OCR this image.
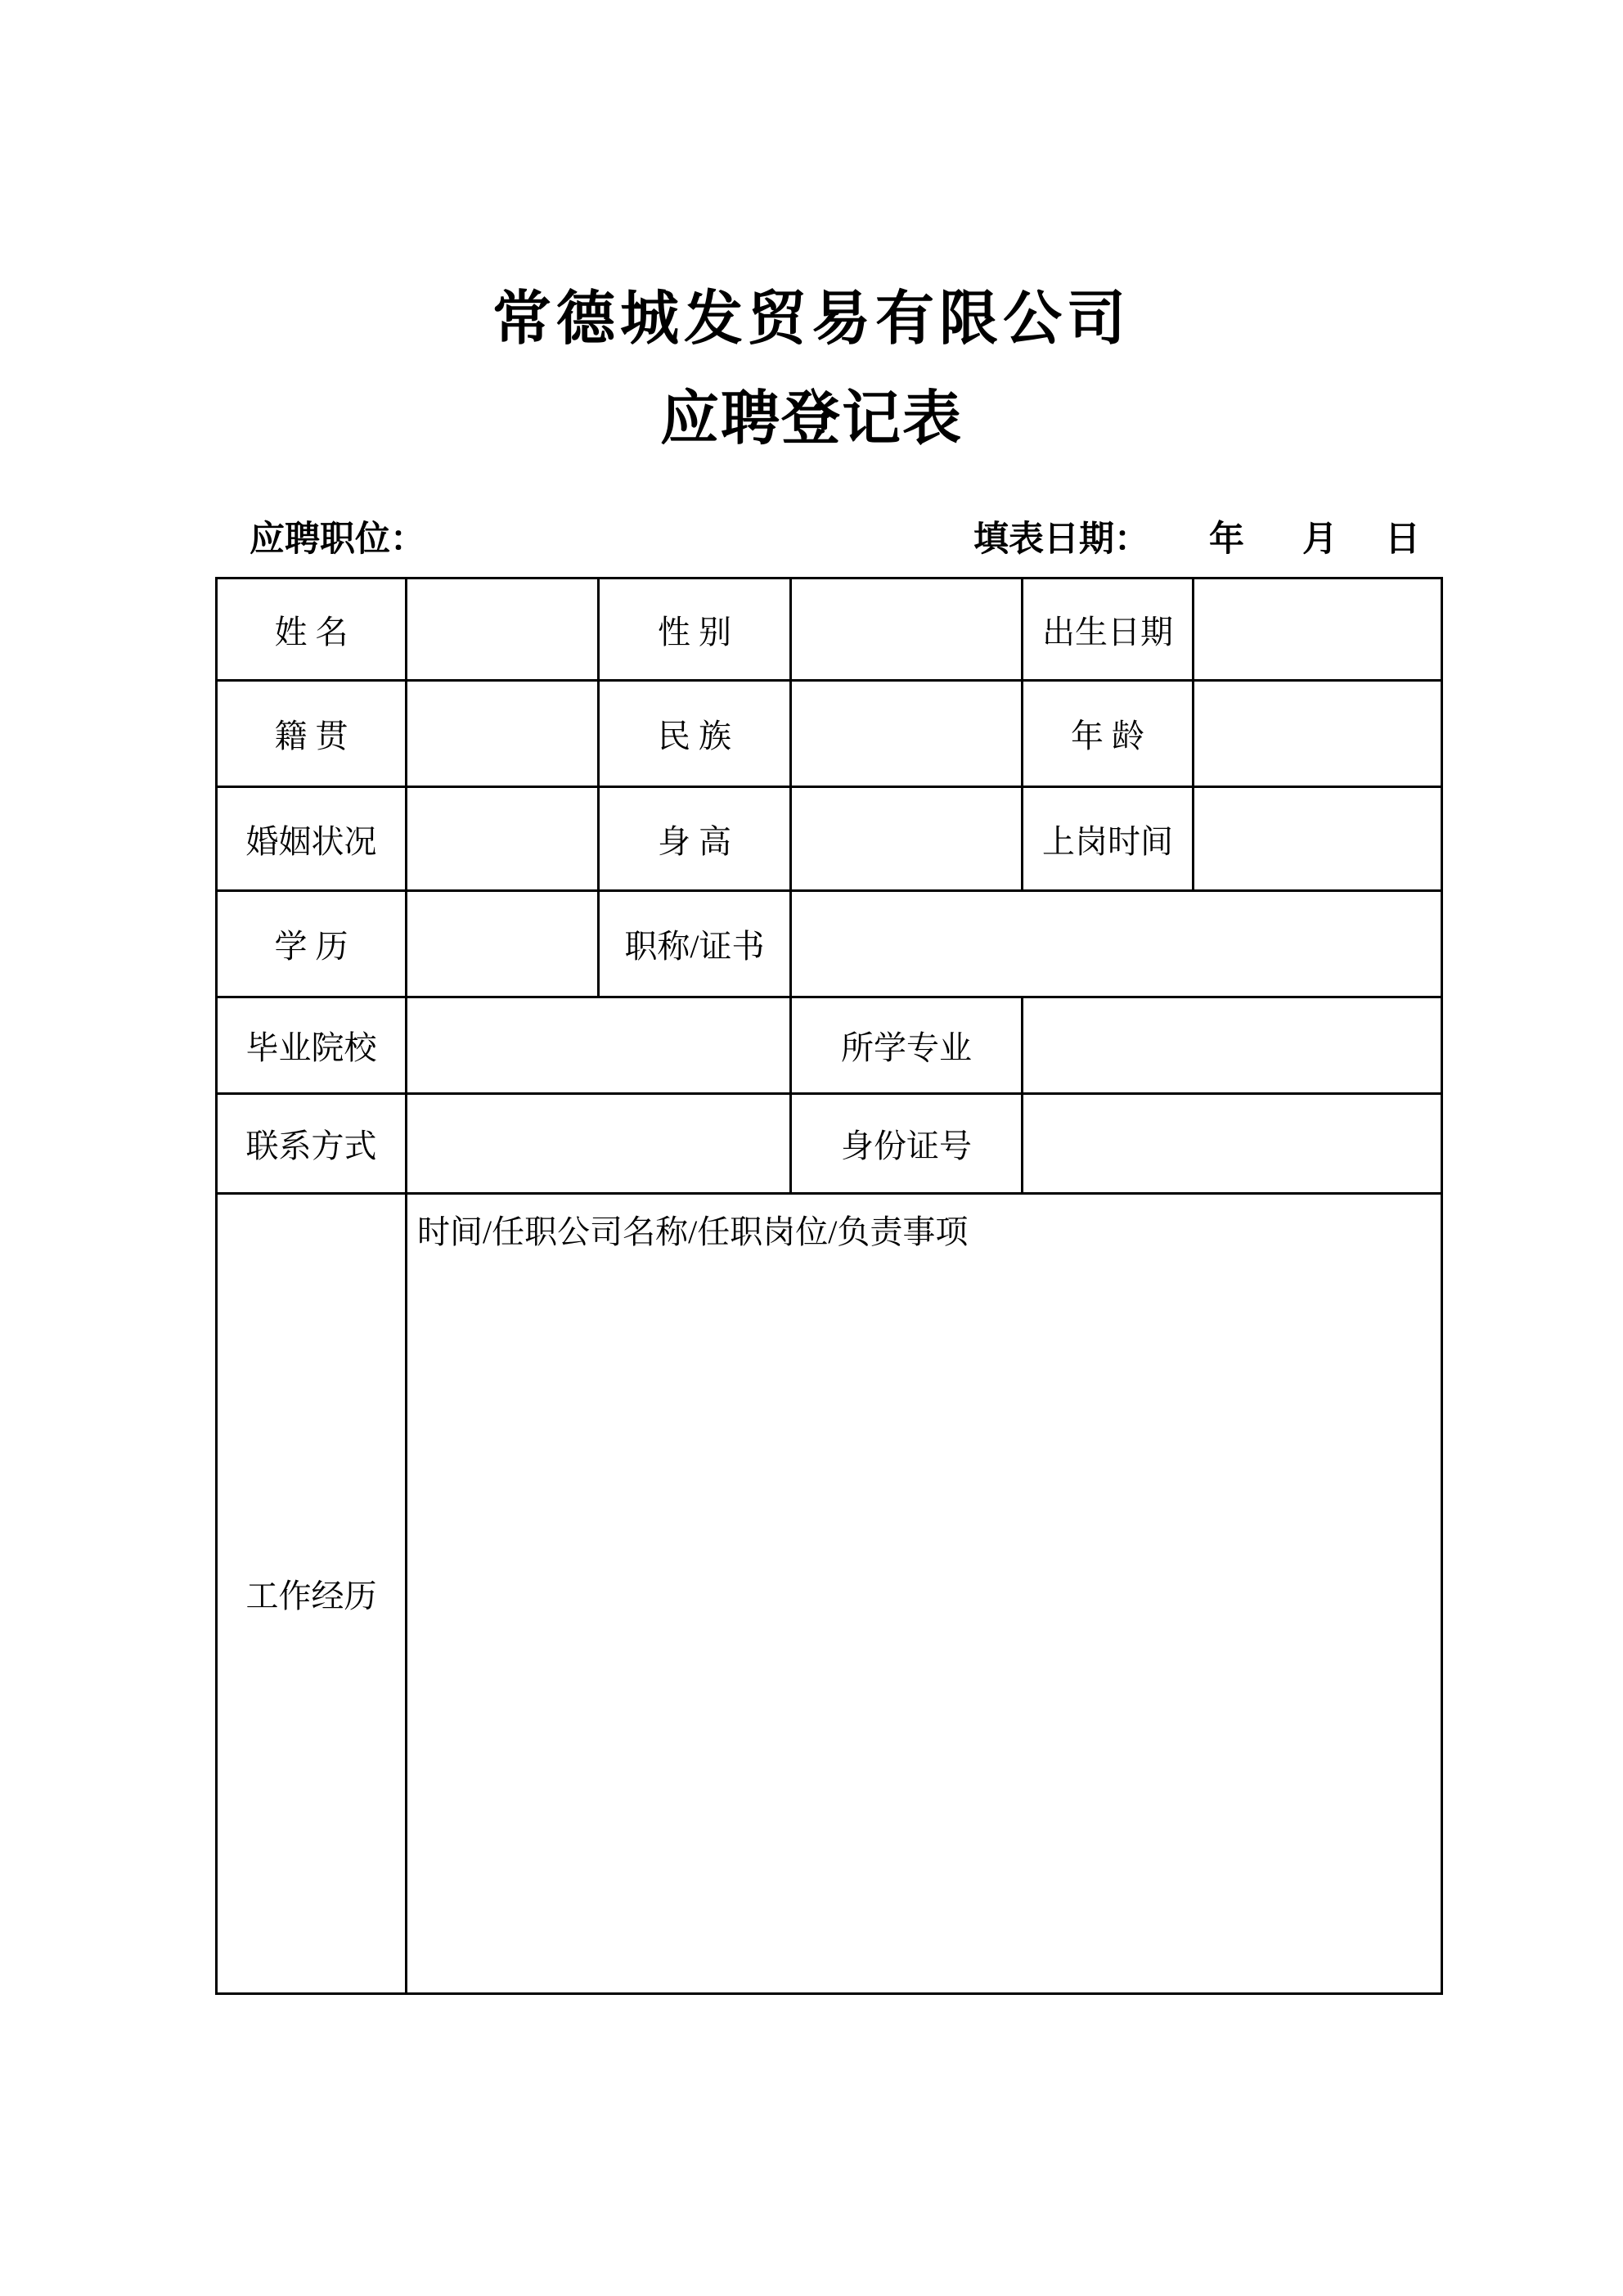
常德城发贸易有限公司
应聘登记表
应聘职位：	填表日期： 年 月 日
姓 名		性 别		出生日期	
籍 贯		民 族		年 龄	
婚姻状况		身 高		上岗时间	
学 历		职称/证书			
毕业院校			所学专业		
联系方式			身份证号		
工作经历	时间/任职公司名称/任职岗位/负责事项				
